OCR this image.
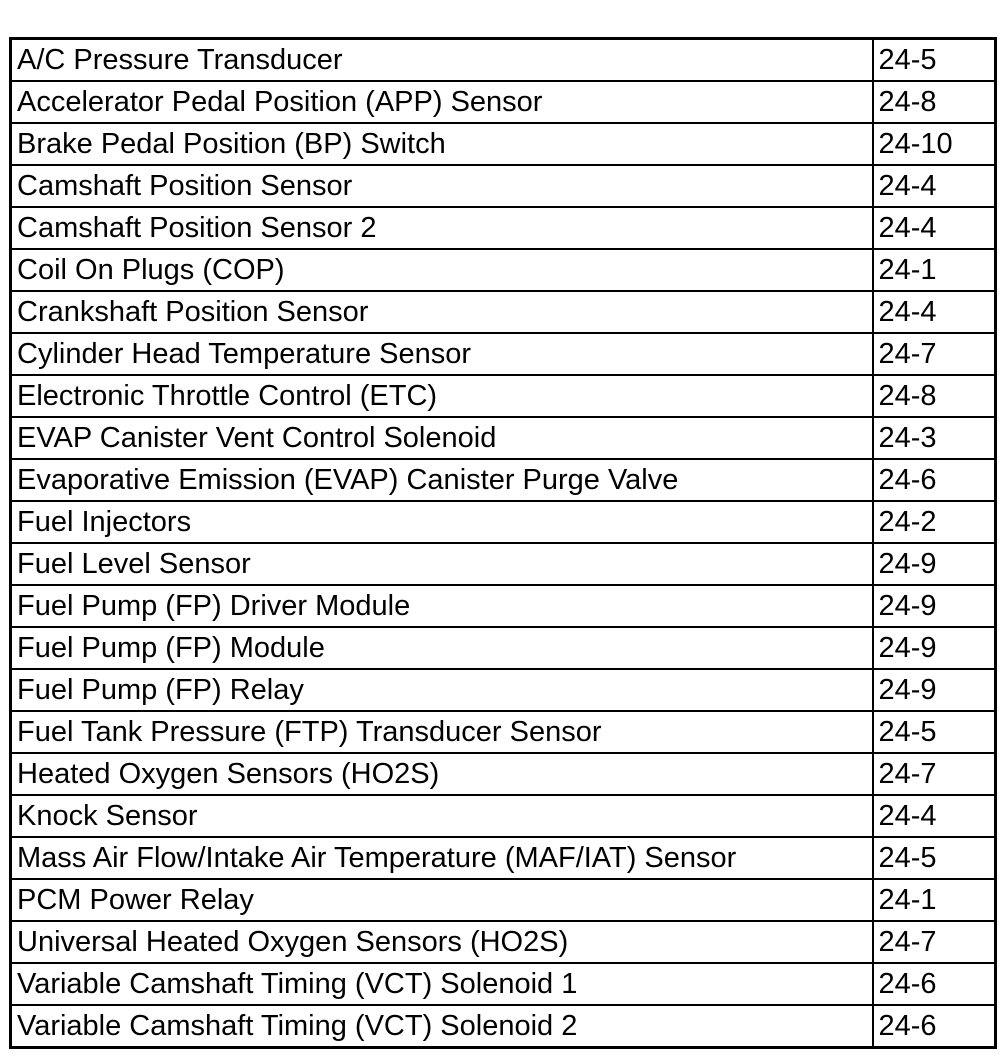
A/C Pressure Transducer	24-5
Accelerator Pedal Position (APP) Sensor	24-8
Brake Pedal Position (BP) Switch	24-10
Camshaft Position Sensor	24-4
Camshaft Position Sensor 2	24-4
Coil On Plugs (COP)	24-1
Crankshaft Position Sensor	24-4
Cylinder Head Temperature Sensor	24-7
Electronic Throttle Control (ETC)	24-8
EVAP Canister Vent Control Solenoid	24-3
Evaporative Emission (EVAP) Canister Purge Valve	24-6
Fuel Injectors	24-2
Fuel Level Sensor	24-9
Fuel Pump (FP) Driver Module	24-9
Fuel Pump (FP) Module	24-9
Fuel Pump (FP) Relay	24-9
Fuel Tank Pressure (FTP) Transducer Sensor	24-5
Heated Oxygen Sensors (HO2S)	24-7
Knock Sensor	24-4
Mass Air Flow/Intake Air Temperature (MAF/IAT) Sensor	24-5
PCM Power Relay	24-1
Universal Heated Oxygen Sensors (HO2S)	24-7
Variable Camshaft Timing (VCT) Solenoid 1	24-6
Variable Camshaft Timing (VCT) Solenoid 2	24-6
